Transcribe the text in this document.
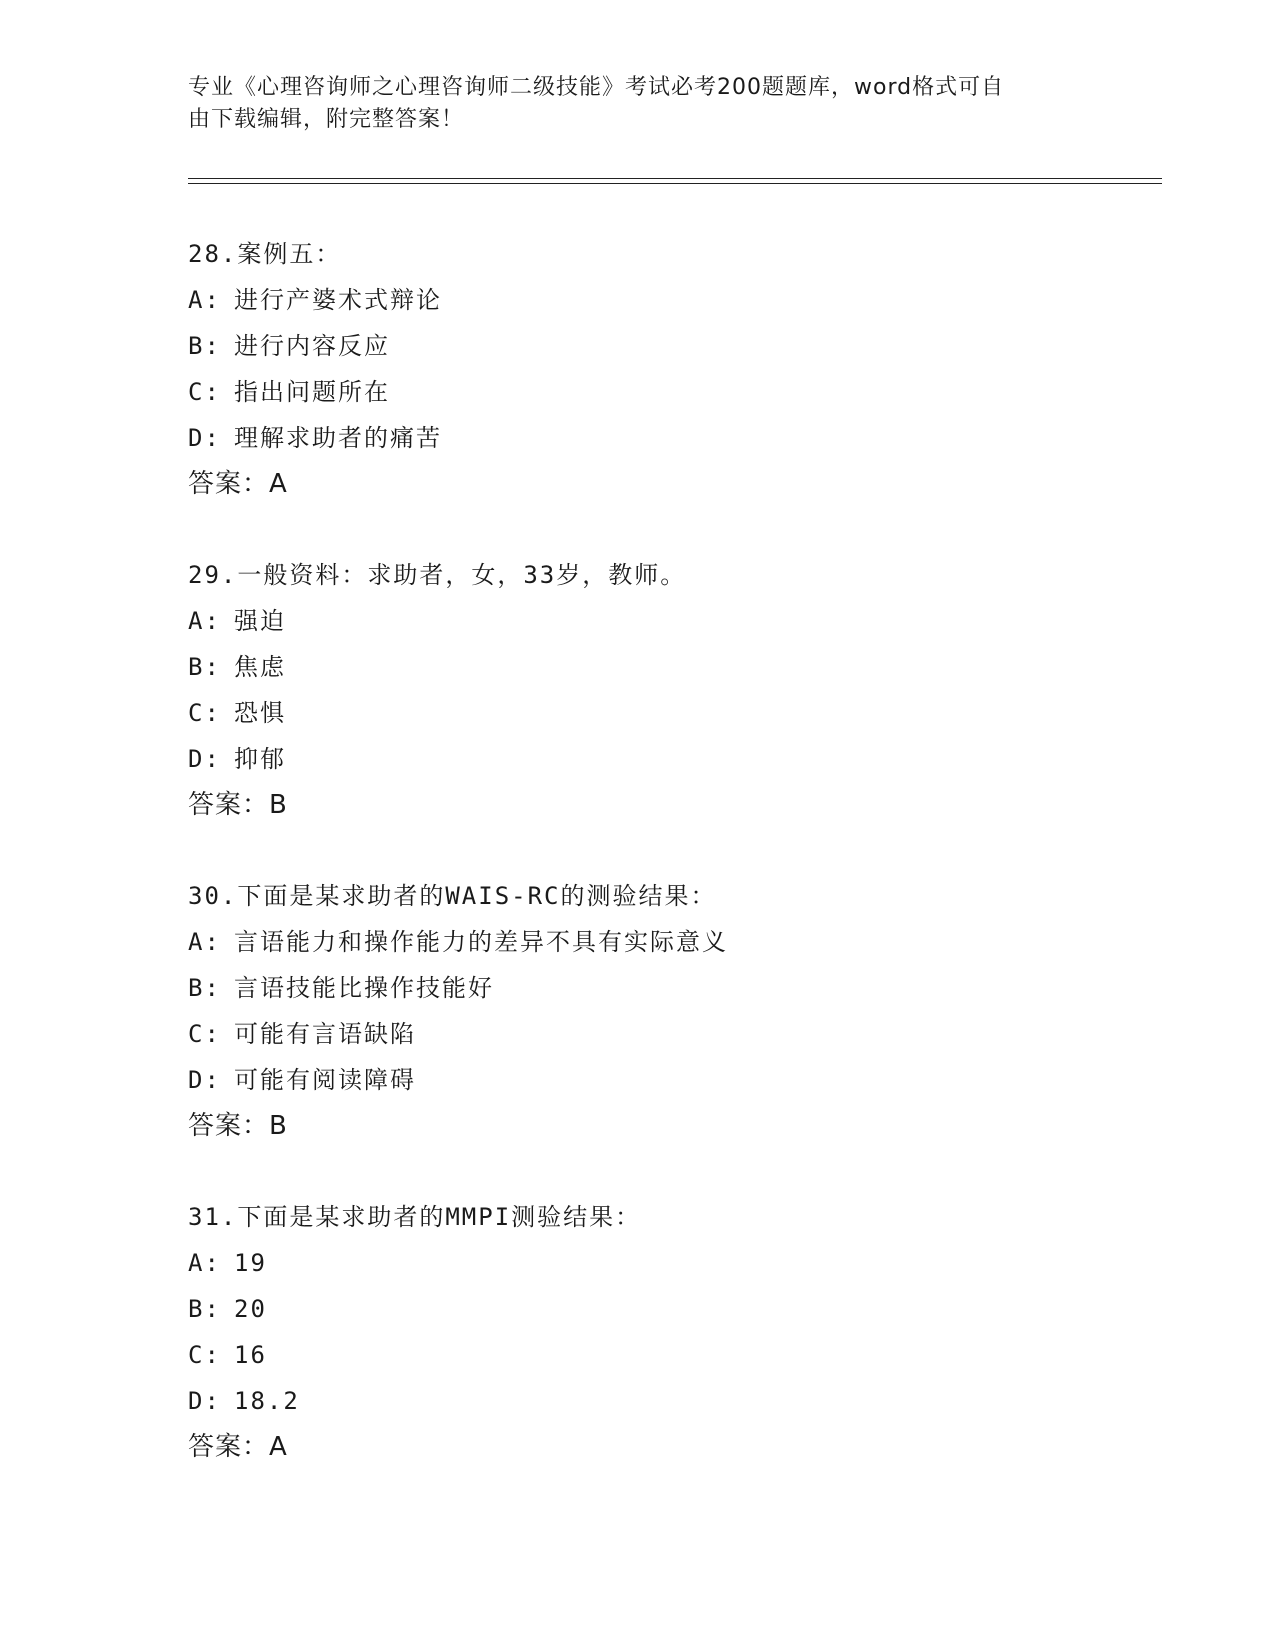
专业《心理咨询师之心理咨询师二级技能》考试必考200题题库，word格式可自
由下载编辑，附完整答案！
28.案例五：
A: 进行产婆术式辩论
B: 进行内容反应
C: 指出问题所在
D: 理解求助者的痛苦
答案：A
29.一般资料：求助者，女，33岁，教师。
A: 强迫
B: 焦虑
C: 恐惧
D: 抑郁
答案：B
30.下面是某求助者的WAIS-RC的测验结果：
A: 言语能力和操作能力的差异不具有实际意义
B: 言语技能比操作技能好
C: 可能有言语缺陷
D: 可能有阅读障碍
答案：B
31.下面是某求助者的MMPI测验结果：
A: 19
B: 20
C: 16
D: 18.2
答案：A
